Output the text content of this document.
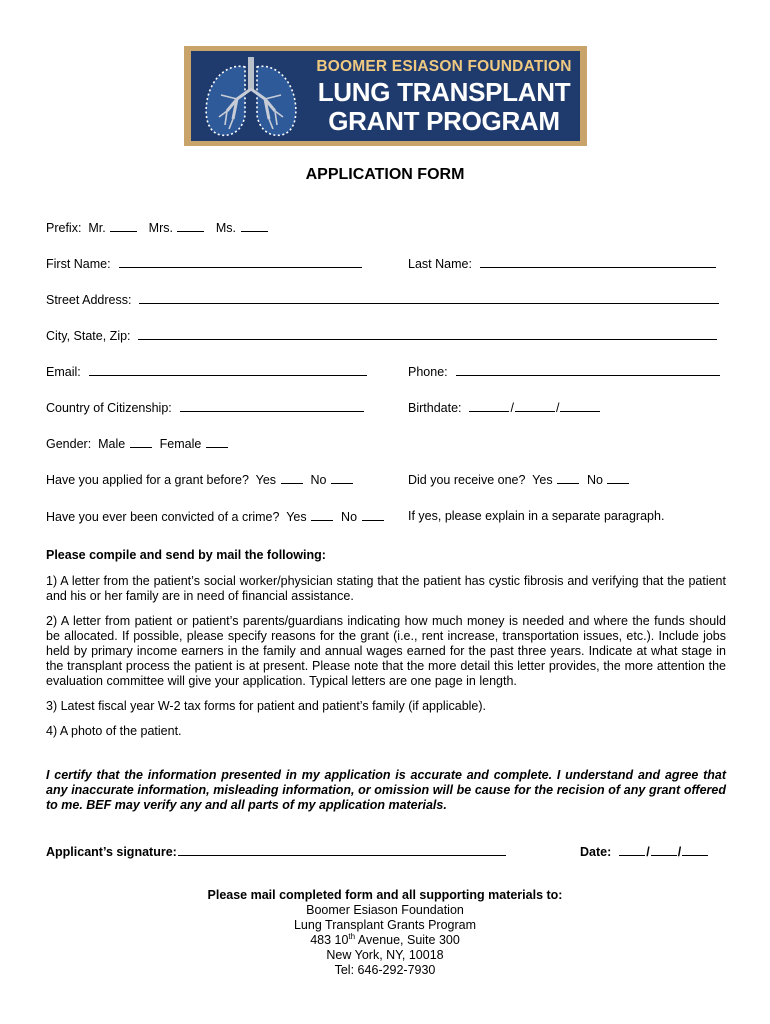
BOOMER ESIASON FOUNDATION
LUNG TRANSPLANT
GRANT PROGRAM
APPLICATION FORM
Prefix: Mr.	Mrs.	Ms.
First Name:	Last Name:
Street Address:
City, State, Zip:
Email:	Phone:
Country of Citizenship:	Birthdate:	/	/
Gender: Male	Female
Have you applied for a grant before? Yes	No	Did you receive one? Yes	No
Have you ever been convicted of a crime? Yes	No	If yes, please explain in a separate paragraph.
Please compile and send by mail the following:
1) A letter from the patient’s social worker/physician stating that the patient has cystic fibrosis and verifying that the patient and his or her family are in need of financial assistance.
2) A letter from patient or patient’s parents/guardians indicating how much money is needed and where the funds should be allocated. If possible, please specify reasons for the grant (i.e., rent increase, transportation issues, etc.). Include jobs held by primary income earners in the family and annual wages earned for the past three years. Indicate at what stage in the transplant process the patient is at present. Please note that the more detail this letter provides, the more attention the evaluation committee will give your application. Typical letters are one page in length.
3) Latest fiscal year W-2 tax forms for patient and patient’s family (if applicable).
4) A photo of the patient.
I certify that the information presented in my application is accurate and complete. I understand and agree that any inaccurate information, misleading information, or omission will be cause for the recision of any grant offered to me. BEF may verify any and all parts of my application materials.
Applicant’s signature:	Date:	/ /
Please mail completed form and all supporting materials to:
Boomer Esiason Foundation
Lung Transplant Grants Program
483 10th Avenue, Suite 300
New York, NY, 10018
Tel: 646-292-7930
